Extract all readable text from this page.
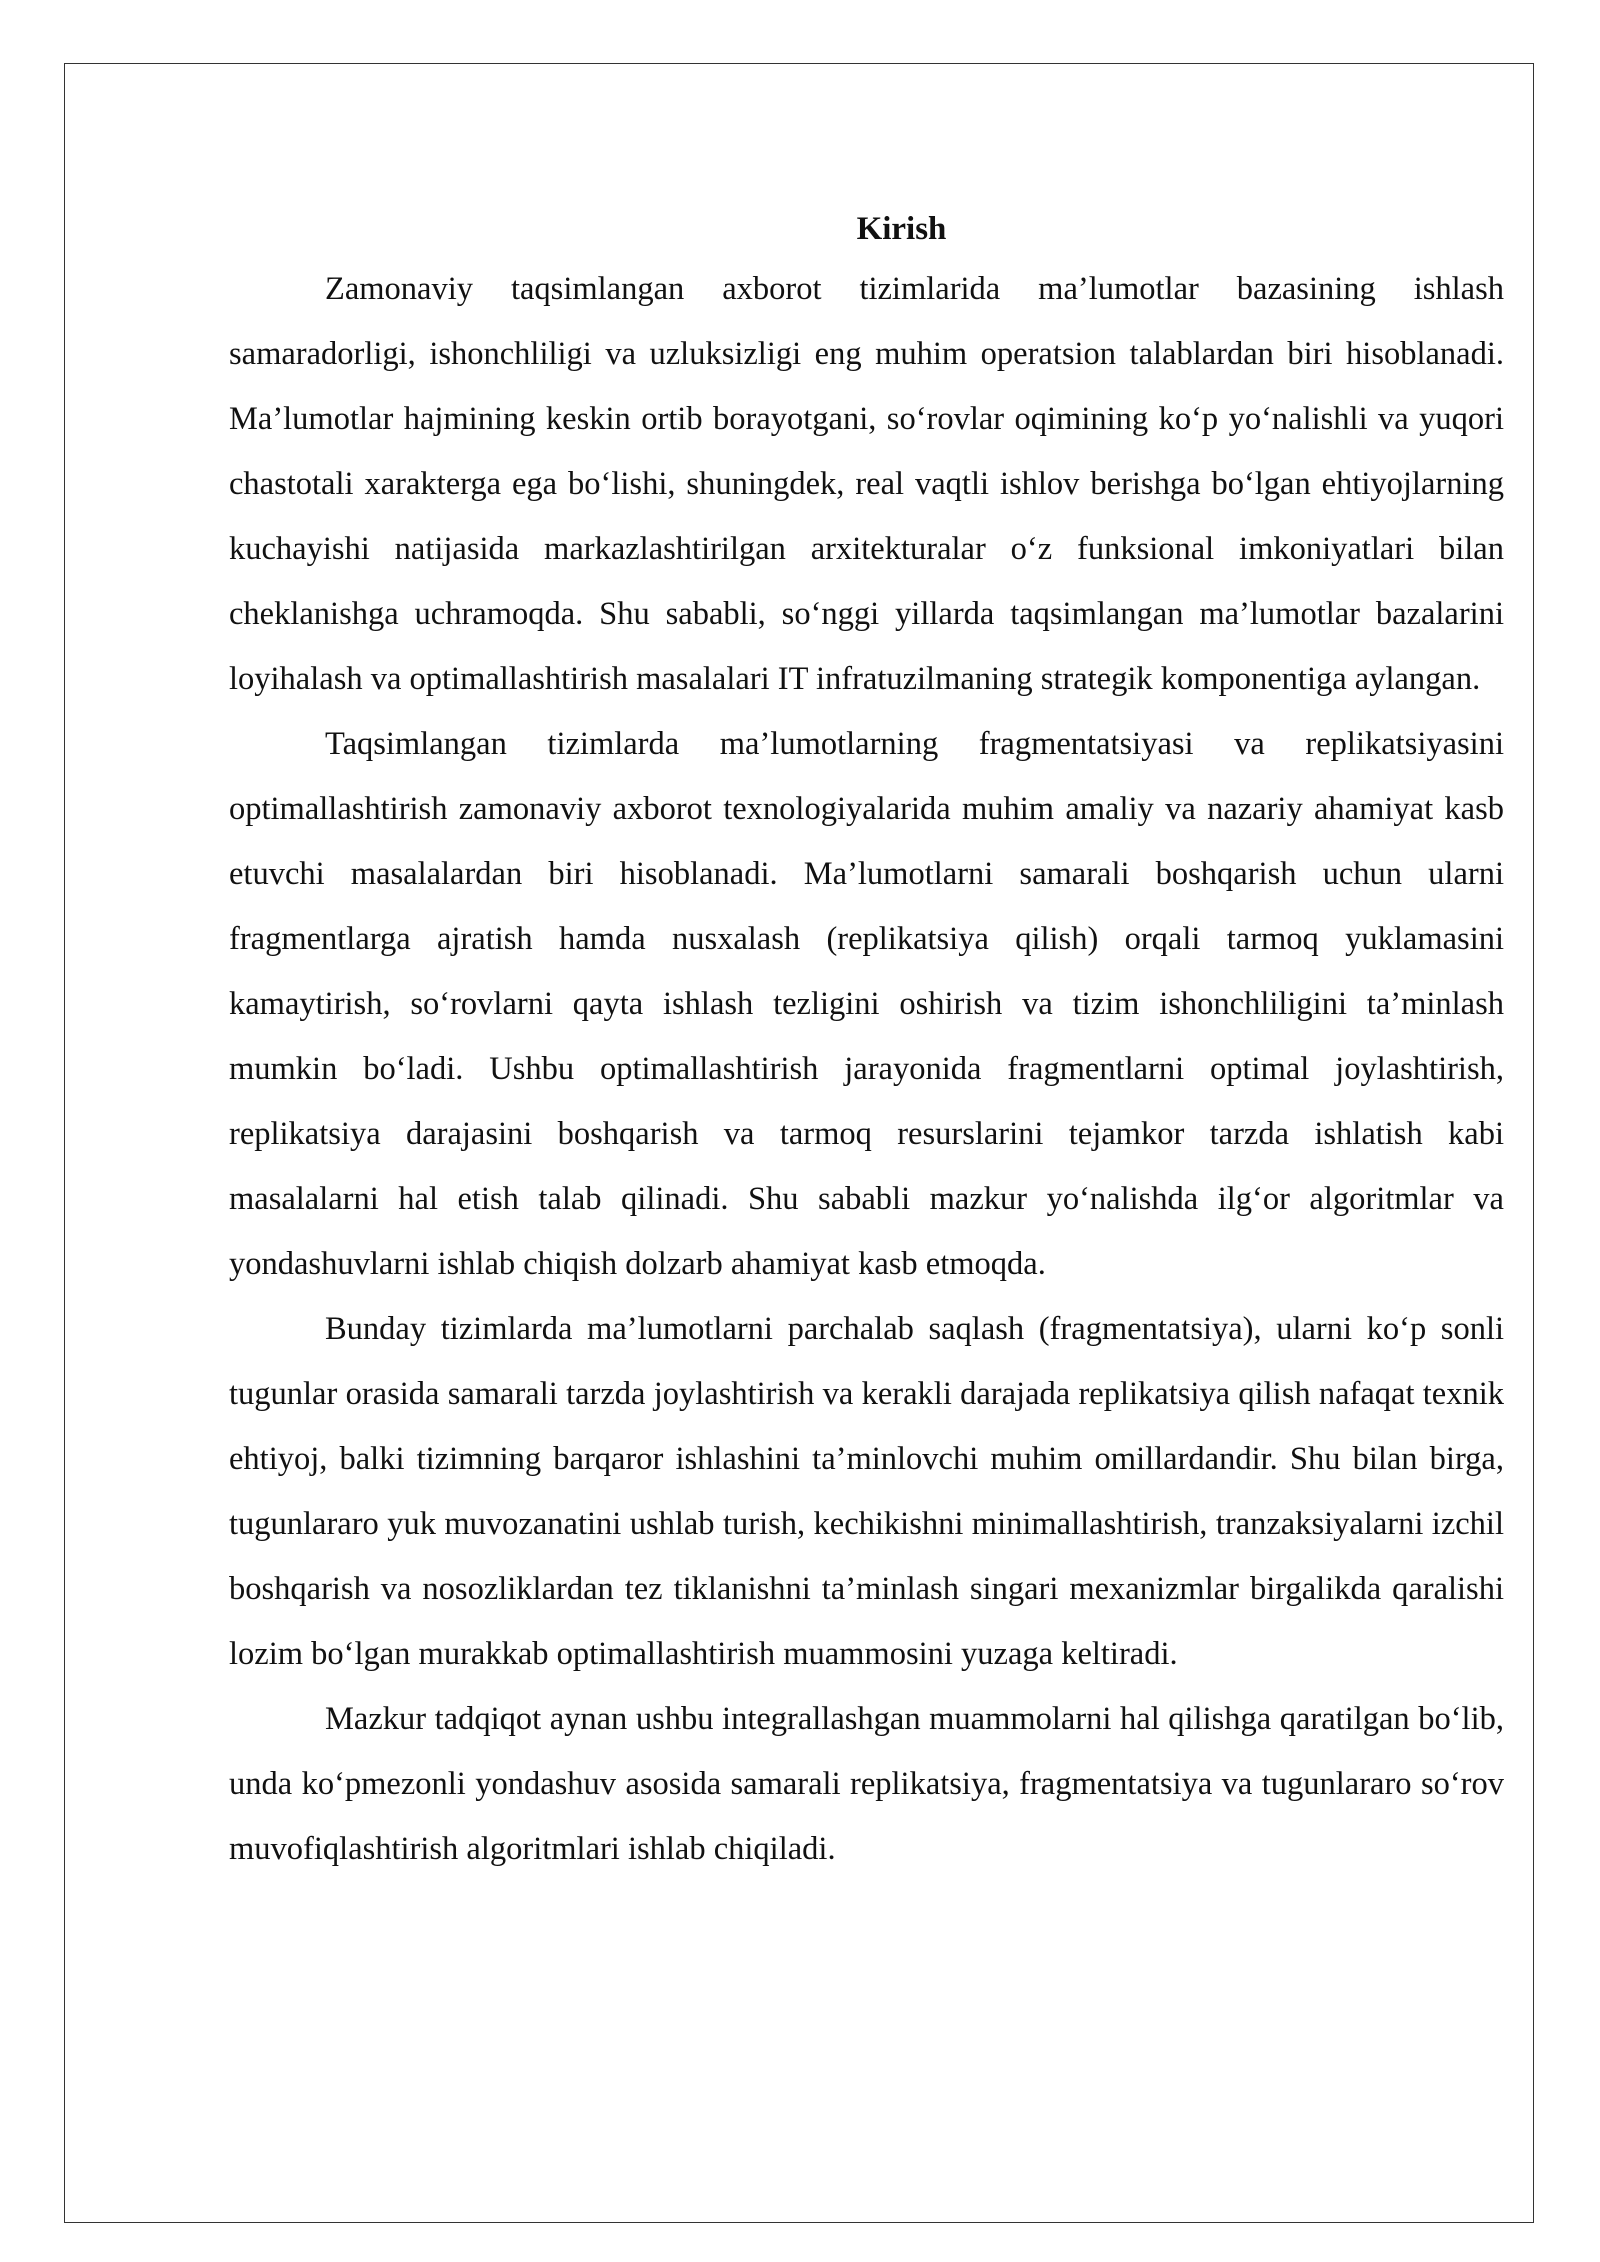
Kirish

Zamonaviy taqsimlangan axborot tizimlarida ma’lumotlar bazasining ishlash samaradorligi, ishonchliligi va uzluksizligi eng muhim operatsion talablardan biri hisoblanadi. Ma’lumotlar hajmining keskin ortib borayotgani, so‘rovlar oqimining ko‘p yo‘nalishli va yuqori chastotali xarakterga ega bo‘lishi, shuningdek, real vaqtli ishlov berishga bo‘lgan ehtiyojlarning kuchayishi natijasida markazlashtirilgan arxitekturalar o‘z funksional imkoniyatlari bilan cheklanishga uchramoqda. Shu sababli, so‘nggi yillarda taqsimlangan ma’lumotlar bazalarini loyihalash va optimallashtirish masalalari IT infratuzilmaning strategik komponentiga aylangan.

Taqsimlangan tizimlarda ma’lumotlarning fragmentatsiyasi va replikatsiyasini optimallashtirish zamonaviy axborot texnologiyalarida muhim amaliy va nazariy ahamiyat kasb etuvchi masalalardan biri hisoblanadi. Ma’lumotlarni samarali boshqarish uchun ularni fragmentlarga ajratish hamda nusxalash (replikatsiya qilish) orqali tarmoq yuklamasini kamaytirish, so‘rovlarni qayta ishlash tezligini oshirish va tizim ishonchliligini ta’minlash mumkin bo‘ladi. Ushbu optimallashtirish jarayonida fragmentlarni optimal joylashtirish, replikatsiya darajasini boshqarish va tarmoq resurslarini tejamkor tarzda ishlatish kabi masalalarni hal etish talab qilinadi. Shu sababli mazkur yo‘nalishda ilg‘or algoritmlar va yondashuvlarni ishlab chiqish dolzarb ahamiyat kasb etmoqda.

Bunday tizimlarda ma’lumotlarni parchalab saqlash (fragmentatsiya), ularni ko‘p sonli tugunlar orasida samarali tarzda joylashtirish va kerakli darajada replikatsiya qilish nafaqat texnik ehtiyoj, balki tizimning barqaror ishlashini ta’minlovchi muhim omillardandir. Shu bilan birga, tugunlararo yuk muvozanatini ushlab turish, kechikishni minimallashtirish, tranzaksiyalarni izchil boshqarish va nosozliklardan tez tiklanishni ta’minlash singari mexanizmlar birgalikda qaralishi lozim bo‘lgan murakkab optimallashtirish muammosini yuzaga keltiradi.

Mazkur tadqiqot aynan ushbu integrallashgan muammolarni hal qilishga qaratilgan bo‘lib, unda ko‘pmezonli yondashuv asosida samarali replikatsiya, fragmentatsiya va tugunlararo so‘rov muvofiqlashtirish algoritmlari ishlab chiqiladi.
